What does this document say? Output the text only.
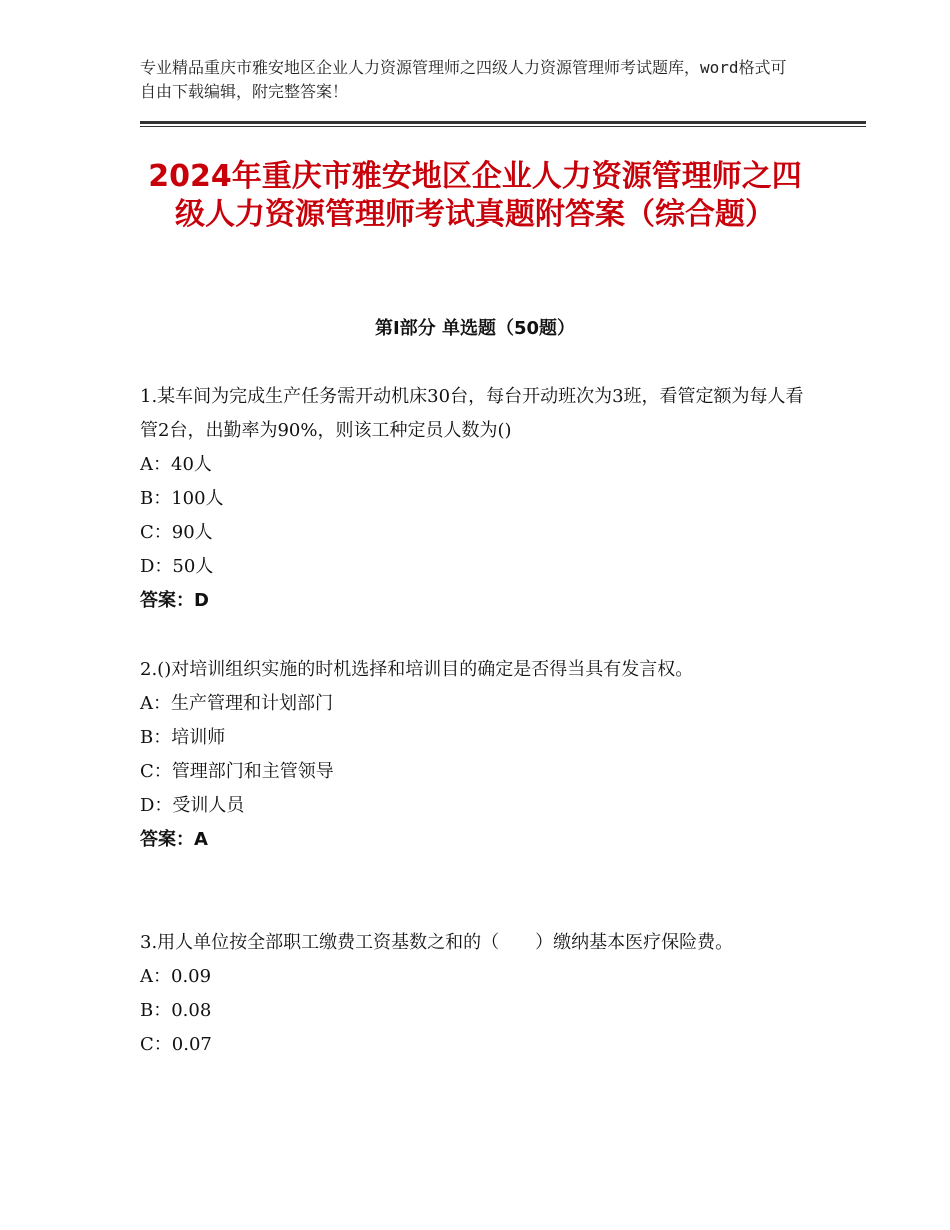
专业精品重庆市雅安地区企业人力资源管理师之四级人力资源管理师考试题库，word格式可自由下载编辑，附完整答案！
2024年重庆市雅安地区企业人力资源管理师之四级人力资源管理师考试真题附答案（综合题）
第Ⅰ部分 单选题（50题）

1.某车间为完成生产任务需开动机床30台，每台开动班次为3班，看管定额为每人看管2台，出勤率为90%，则该工种定员人数为()

A：40人

B：100人

C：90人

D：50人

答案：D

2.()对培训组织实施的时机选择和培训目的确定是否得当具有发言权。

A：生产管理和计划部门

B：培训师

C：管理部门和主管领导

D：受训人员

答案：A

3.用人单位按全部职工缴费工资基数之和的（　　）缴纳基本医疗保险费。

A：0.09

B：0.08

C：0.07
